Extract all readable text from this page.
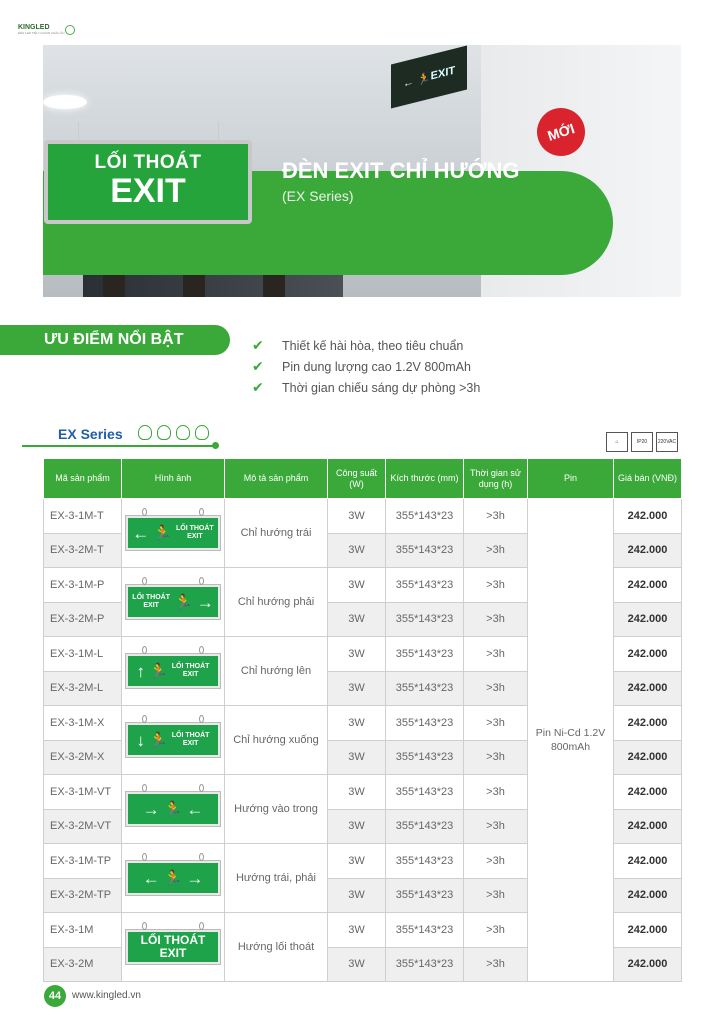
KINGLED
ĐÈN LED TIÊU CHUẨN CHÂU ÂU
← 🏃 EXIT
LỐI THOÁT
EXIT
ĐÈN EXIT CHỈ HƯỚNG
(EX Series)
MỚI
ƯU ĐIỂM NỔI BẬT	✔	Thiết kế hài hòa, theo tiêu chuẩn
✔	Pin dung lượng cao 1.2V 800mAh
✔	Thời gian chiếu sáng dự phòng >3h
EX Series	⌂	IP20	220VAC
Mã sản phẩm	Hình ảnh	Mô tả sản phẩm	Công suất (W)	Kích thước (mm)	Thời gian sử dụng (h)	Pin	Giá bán (VNĐ)
EX-3-1M-T	← 🏃 LỐI THOÁT
EXIT	Chỉ hướng trái	3W	355*143*23	>3h	Pin Ni-Cd 1.2V 800mAh	242.000
EX-3-2M-T			3W	355*143*23	>3h		242.000
EX-3-1M-P	LỐI THOÁT
EXIT 🏃 →	Chỉ hướng phải	3W	355*143*23	>3h		242.000
EX-3-2M-P			3W	355*143*23	>3h		242.000
EX-3-1M-L	↑ 🏃 LỐI THOÁT
EXIT	Chỉ hướng lên	3W	355*143*23	>3h		242.000
EX-3-2M-L			3W	355*143*23	>3h		242.000
EX-3-1M-X	↓ 🏃 LỐI THOÁT
EXIT	Chỉ hướng xuống	3W	355*143*23	>3h		242.000
EX-3-2M-X			3W	355*143*23	>3h		242.000
EX-3-1M-VT	→ 🏃 ←	Hướng vào trong	3W	355*143*23	>3h		242.000
EX-3-2M-VT			3W	355*143*23	>3h		242.000
EX-3-1M-TP	← 🏃 →	Hướng trái, phải	3W	355*143*23	>3h		242.000
EX-3-2M-TP			3W	355*143*23	>3h		242.000
EX-3-1M	LỐI THOÁT
EXIT	Hướng lối thoát	3W	355*143*23	>3h		242.000
EX-3-2M			3W	355*143*23	>3h		242.000
44	www.kingled.vn
